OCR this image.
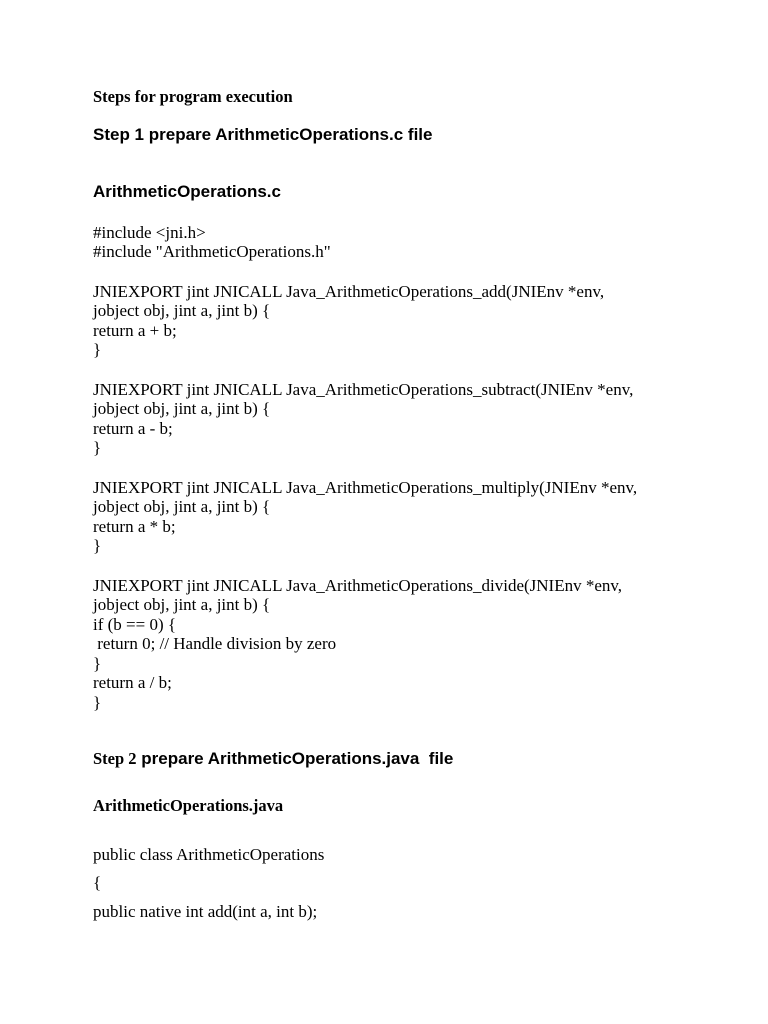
Steps for program execution
Step 1 prepare ArithmeticOperations.c file
ArithmeticOperations.c
#include <jni.h>
#include "ArithmeticOperations.h"
JNIEXPORT jint JNICALL Java_ArithmeticOperations_add(JNIEnv *env,
jobject obj, jint a, jint b) {
return a + b;
}
JNIEXPORT jint JNICALL Java_ArithmeticOperations_subtract(JNIEnv *env,
jobject obj, jint a, jint b) {
return a - b;
}
JNIEXPORT jint JNICALL Java_ArithmeticOperations_multiply(JNIEnv *env,
jobject obj, jint a, jint b) {
return a * b;
}
JNIEXPORT jint JNICALL Java_ArithmeticOperations_divide(JNIEnv *env,
jobject obj, jint a, jint b) {
if (b == 0) {
return 0; // Handle division by zero
}
return a / b;
}
Step 2 prepare ArithmeticOperations.java  file
ArithmeticOperations.java
public class ArithmeticOperations
{
public native int add(int a, int b);
